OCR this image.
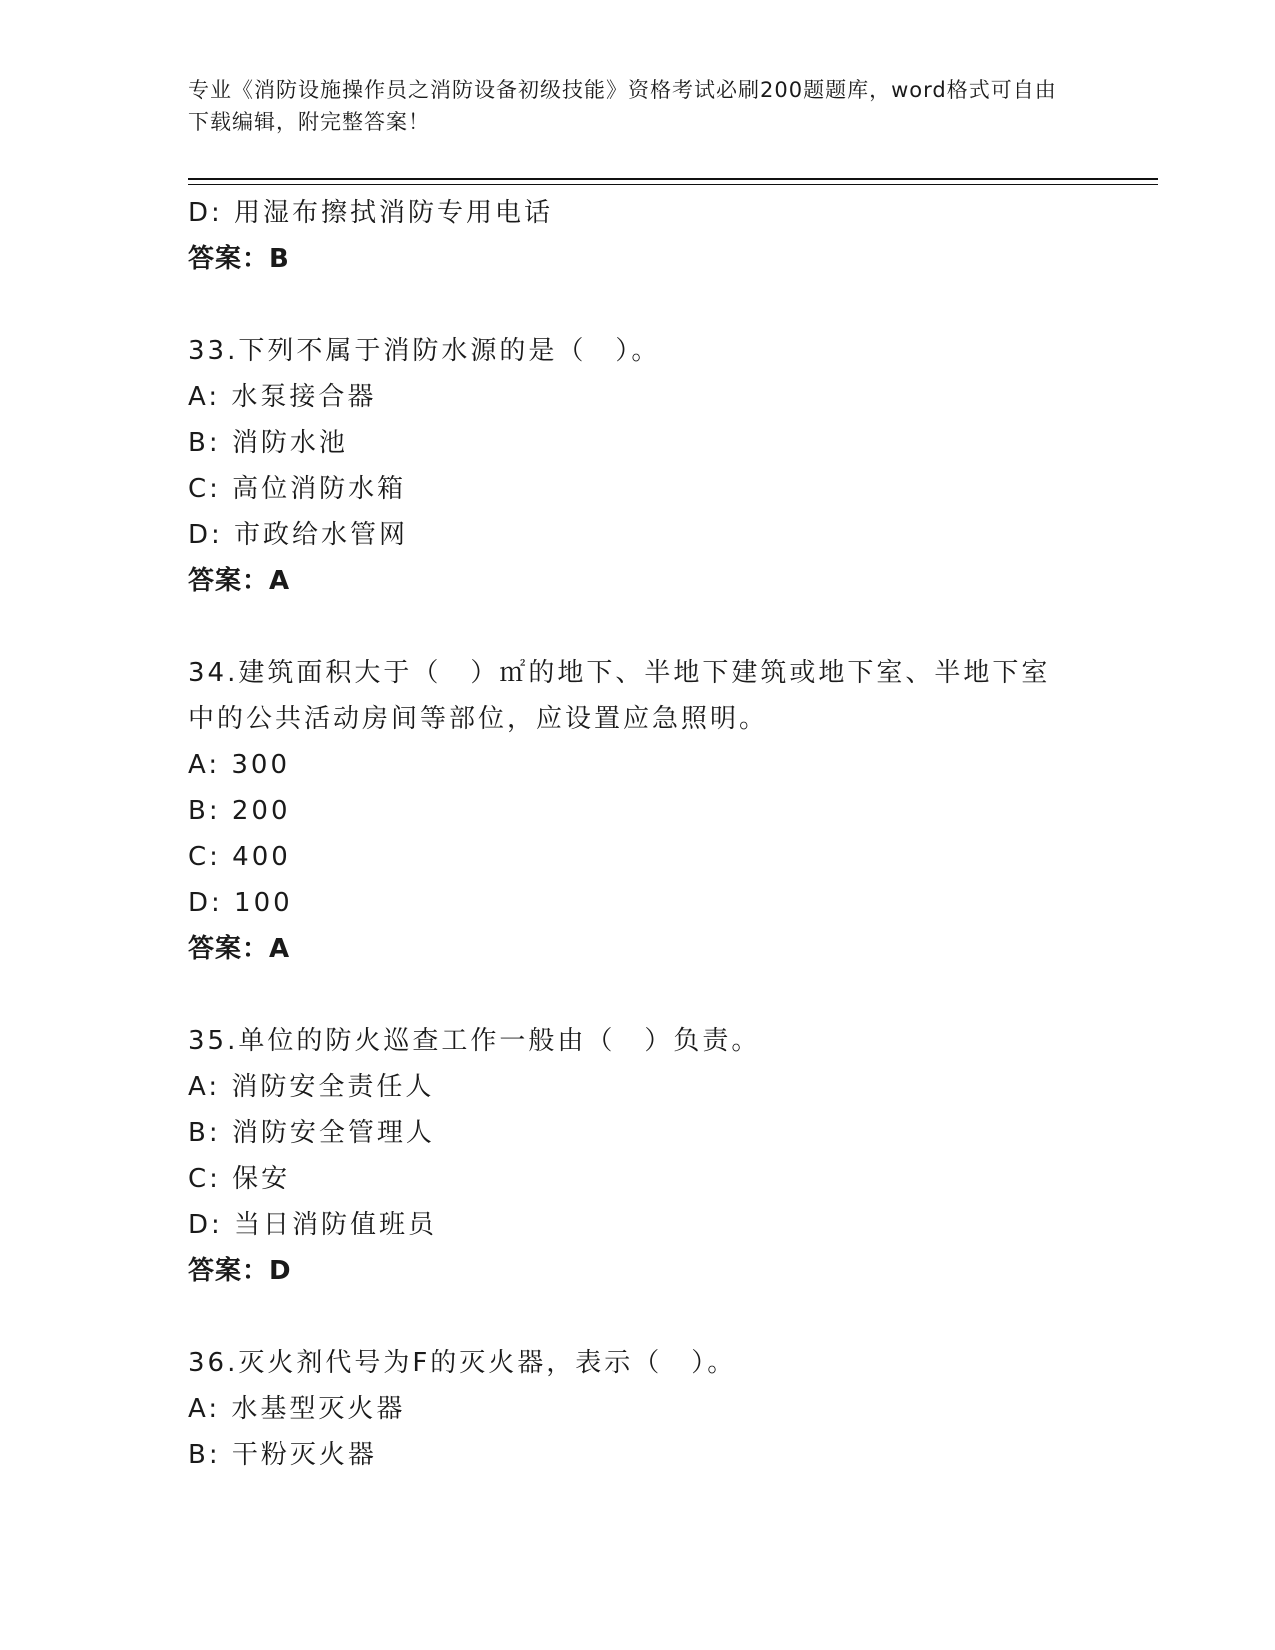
专业《消防设施操作员之消防设备初级技能》资格考试必刷200题题库，word格式可自由下载编辑，附完整答案！
D: 用湿布擦拭消防专用电话
答案：B
33.下列不属于消防水源的是（　）。
A: 水泵接合器
B: 消防水池
C: 高位消防水箱
D: 市政给水管网
答案：A
34.建筑面积大于（　）㎡的地下、半地下建筑或地下室、半地下室中的公共活动房间等部位，应设置应急照明。
A: 300
B: 200
C: 400
D: 100
答案：A
35.单位的防火巡查工作一般由（　）负责。
A: 消防安全责任人
B: 消防安全管理人
C: 保安
D: 当日消防值班员
答案：D
36.灭火剂代号为F的灭火器，表示（　）。
A: 水基型灭火器
B: 干粉灭火器
